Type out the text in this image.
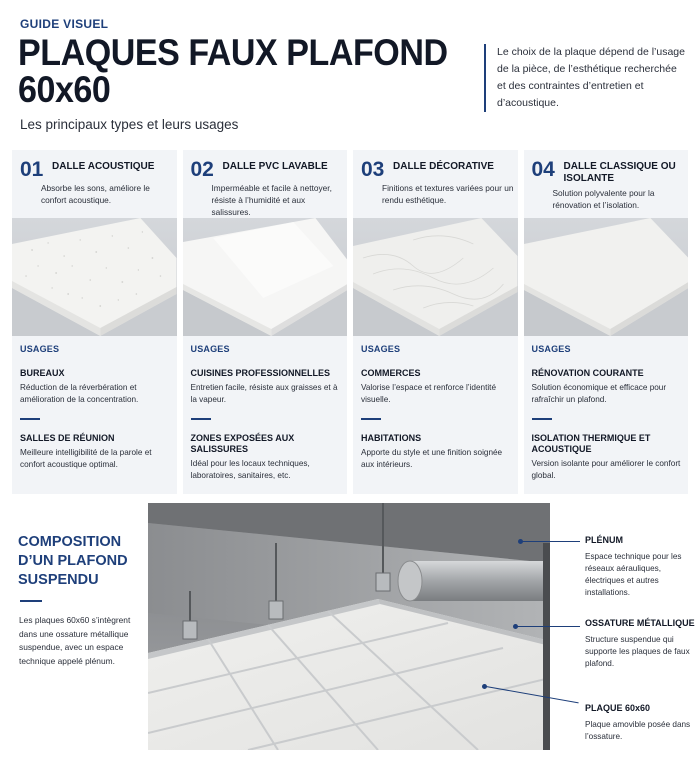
GUIDE VISUEL
PLAQUES FAUX PLAFOND
60x60
Les principaux types et leurs usages

Le choix de la plaque dépend de l’usage de la pièce, de l’esthétique recherchée et des contraintes d’entretien et d’acoustique.

01 DALLE ACOUSTIQUE

Absorbe les sons, améliore le confort acoustique.

USAGES
BUREAUX

Réduction de la réverbération et amélioration de la concentration.

SALLES DE RÉUNION

Meilleure intelligibilité de la parole et confort acoustique optimal.

02 DALLE PVC LAVABLE

Imperméable et facile à nettoyer, résiste à l’humidité et aux salissures.

USAGES
CUISINES PROFESSIONNELLES

Entretien facile, résiste aux graisses et à la vapeur.

ZONES EXPOSÉES AUX SALISSURES

Idéal pour les locaux techniques, laboratoires, sanitaires, etc.

03 DALLE DÉCORATIVE

Finitions et textures variées pour un rendu esthétique.

USAGES
COMMERCES

Valorise l’espace et renforce l’identité visuelle.

HABITATIONS

Apporte du style et une finition soignée aux intérieurs.

04 DALLE CLASSIQUE OU ISOLANTE

Solution polyvalente pour la rénovation et l’isolation.

USAGES
RÉNOVATION COURANTE

Solution économique et efficace pour rafraîchir un plafond.

ISOLATION THERMIQUE ET ACOUSTIQUE

Version isolante pour améliorer le confort global.

COMPOSITION D’UN PLAFOND SUSPENDU

Les plaques 60x60 s’intègrent dans une ossature métallique suspendue, avec un espace technique appelé plénum.

PLÉNUM

Espace technique pour les réseaux aérauliques, électriques et autres installations.

OSSATURE MÉTALLIQUE

Structure suspendue qui supporte les plaques de faux plafond.

PLAQUE 60x60

Plaque amovible posée dans l’ossature.
